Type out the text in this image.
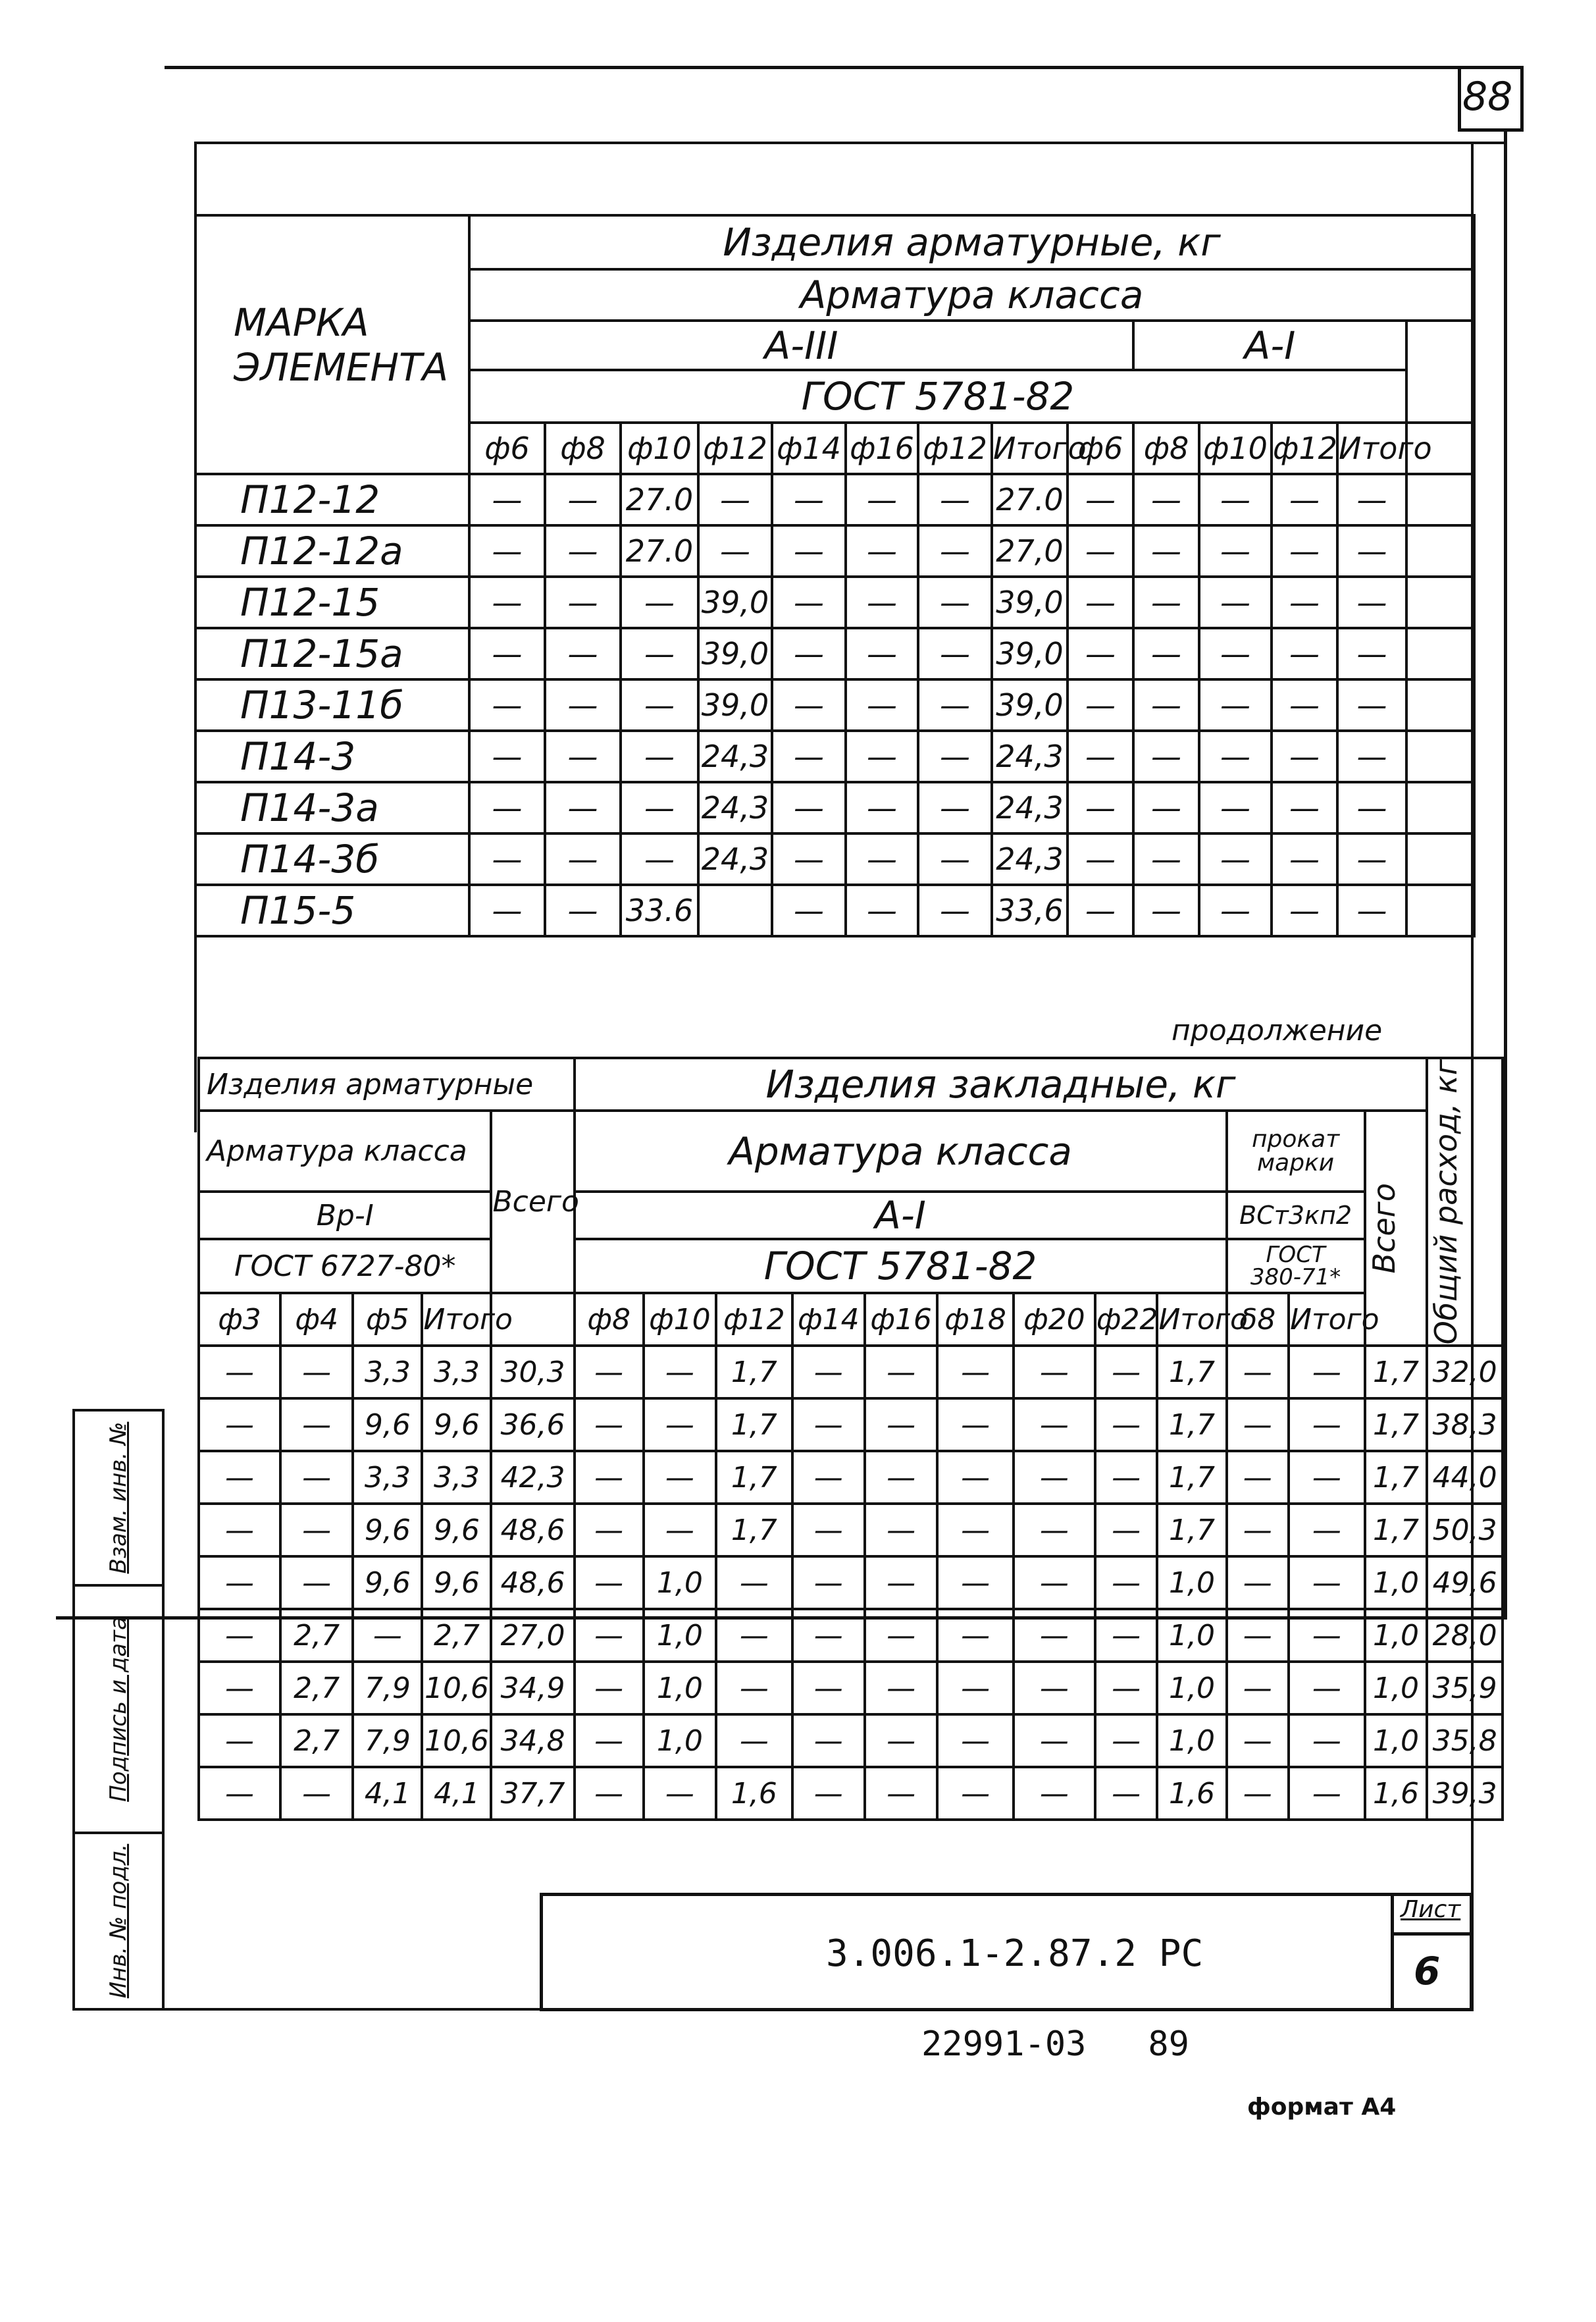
88
МАРКА
ЭЛЕМЕНТА	Изделия арматурные, кг													
	Арматура класса													
	A-III									A-I				
	ГОСТ 5781-82													
	ф6	ф8	ф10	ф12	ф14	ф16	ф12	Итого	ф6	ф8	ф10	ф12	Итого	
П12-12	—	—	27.0	—	—	—	—	27.0	—	—	—	—	—	
П12-12а	—	—	27.0	—	—	—	—	27,0	—	—	—	—	—	
П12-15	—	—	—	39,0	—	—	—	39,0	—	—	—	—	—	
П12-15а	—	—	—	39,0	—	—	—	39,0	—	—	—	—	—	
П13-11б	—	—	—	39,0	—	—	—	39,0	—	—	—	—	—	
П14-3	—	—	—	24,3	—	—	—	24,3	—	—	—	—	—	
П14-3а	—	—	—	24,3	—	—	—	24,3	—	—	—	—	—	
П14-3б	—	—	—	24,3	—	—	—	24,3	—	—	—	—	—	
П15-5	—	—	33.6		—	—	—	33,6	—	—	—	—	—	
продолжение
Изделия арматурные					Изделия закладные, кг												Общий расход, кг

Арматура класса				Всего	Арматура класса									прокат
марки		Всего	

Вр-I					A-I									ВСт3кп2			
ГОСТ 6727-80*					ГОСТ 5781-82									ГОСТ
380-71*			

ф3	ф4	ф5	Итого		ф8	ф10	ф12	ф14	ф16	ф18	ф20	ф22	Итого	δ8	Итого		
—	—	3,3	3,3	30,3	—	—	1,7	—	—	—	—	—	1,7	—	—	1,7	32,0
—	—	9,6	9,6	36,6	—	—	1,7	—	—	—	—	—	1,7	—	—	1,7	38,3
—	—	3,3	3,3	42,3	—	—	1,7	—	—	—	—	—	1,7	—	—	1,7	44,0
—	—	9,6	9,6	48,6	—	—	1,7	—	—	—	—	—	1,7	—	—	1,7	50,3
—	—	9,6	9,6	48,6	—	1,0	—	—	—	—	—	—	1,0	—	—	1,0	49,6
—	2,7	—	2,7	27,0	—	1,0	—	—	—	—	—	—	1,0	—	—	1,0	28,0
—	2,7	7,9	10,6	34,9	—	1,0	—	—	—	—	—	—	1,0	—	—	1,0	35,9
—	2,7	7,9	10,6	34,8	—	1,0	—	—	—	—	—	—	1,0	—	—	1,0	35,8
—	—	4,1	4,1	37,7	—	—	1,6	—	—	—	—	—	1,6	—	—	1,6	39,3
Взам. инв. №
Подпись и дата
Инв. № подл.	3.006.1-2.87.2 РС
Лист
6
22991-03   89
формат А4
